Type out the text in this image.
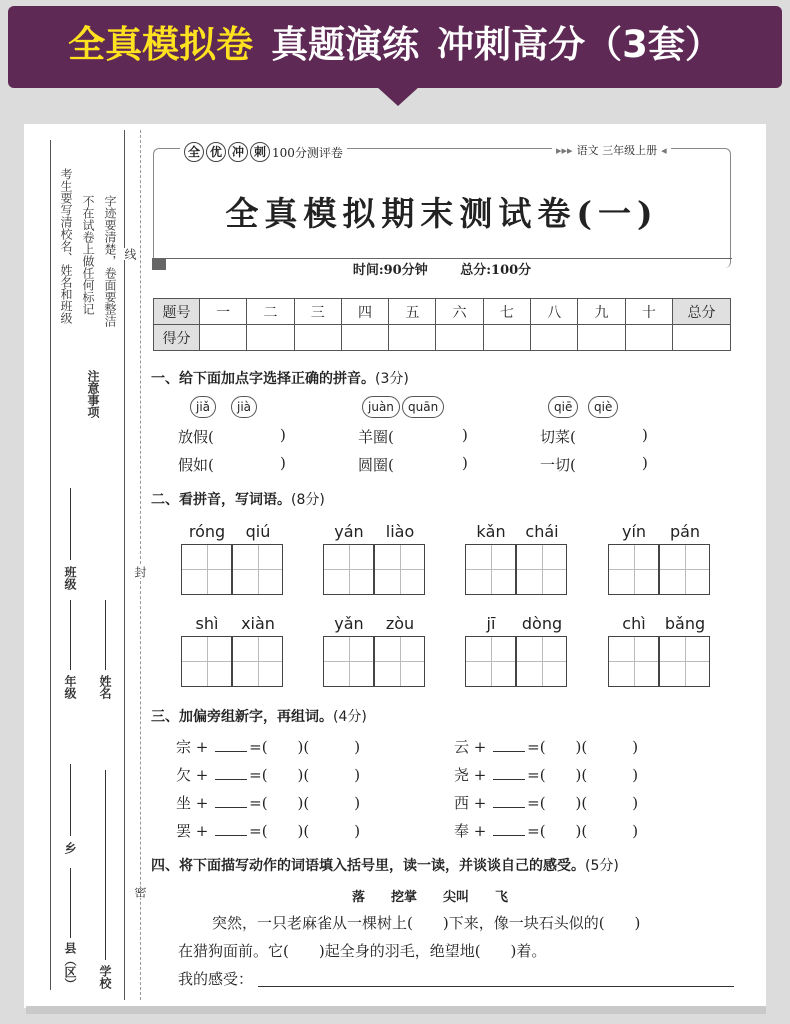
全真模拟卷 真题演练 冲刺高分（3套）
考生要写清校名、姓名和班级 不在试卷上做任何标记 字迹要清楚，卷面要整洁
注意事项
线
封
密
班级
年级 姓名
乡
县（区） 学校
全 优 冲 刺 100分测评卷	▸▸▸ 语文 三年级上册 ◂
全真模拟期末测试卷(一)
时间:90分钟	总分:100分
题号	一	二	三	四	五	六	七	八	九	十	总分
得分											
一、给下面加点字选择正确的拼音。(3分)
jiǎ	jià	juàn	quān	qiē	qiè
放假(	)
假如(	)
羊圈(	)
圆圈(	)
切菜(	)
一切(	)
二、看拼音，写词语。(8分)
róng	qiú	yán	liào	kǎn	chái	yín	pán
shì	xiàn	yǎn	zòu	jī	dòng	chì	bǎng
三、加偏旁组新字，再组词。(4分)
宗 + =(　　)(　　　)
欠 + =(　　)(　　　)
坐 + =(　　)(　　　)
罢 + =(　　)(　　　)
云 + =(　　)(　　　)
尧 + =(　　)(　　　)
西 + =(　　)(　　　)
奉 + =(　　)(　　　)
四、将下面描写动作的词语填入括号里，读一读，并谈谈自己的感受。(5分)
落　　挖掌　　尖叫　　飞
突然，一只老麻雀从一棵树上(　　)下来，像一块石头似的(　　)
在猎狗面前。它(　　)起全身的羽毛，绝望地(　　)着。
我的感受：
